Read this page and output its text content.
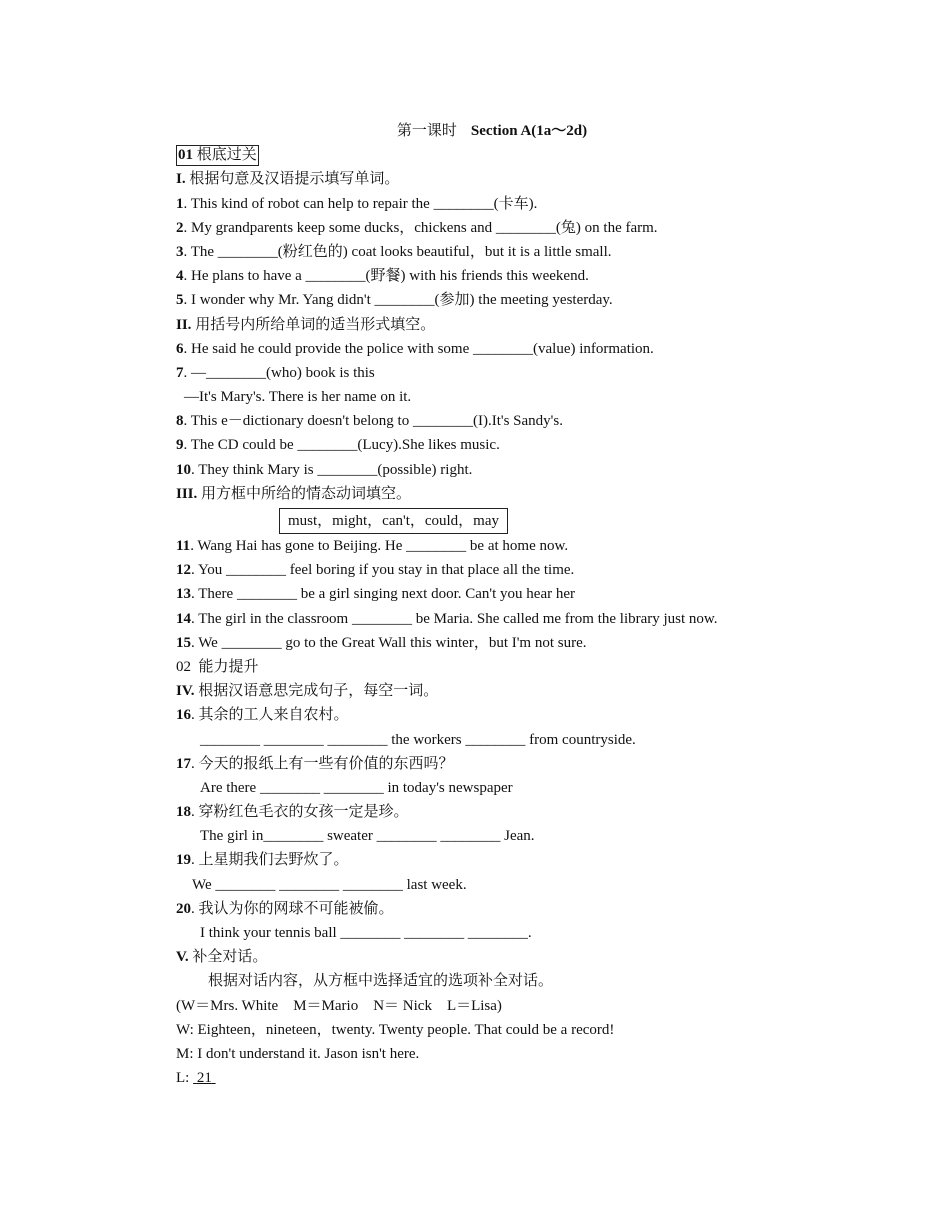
第一课时 Section A(1a～2d)
01 根底过关
I. 根据句意及汉语提示填写单词。
1. This kind of robot can help to repair the ________(卡车).
2. My grandparents keep some ducks，chickens and ________(兔) on the farm.
3. The ________(粉红色的) coat looks beautiful，but it is a little small.
4. He plans to have a ________(野餐) with his friends this weekend.
5. I wonder why Mr. Yang didn't ________(参加) the meeting yesterday.
II. 用括号内所给单词的适当形式填空。
6. He said he could provide the police with some ________(value) information.
7. —________(who) book is this
—It's Mary's. There is her name on it.
8. This e－dictionary doesn't belong to ________(I).It's Sandy's.
9. The CD could be ________(Lucy).She likes music.
10. They think Mary is ________(possible) right.
III. 用方框中所给的情态动词填空。
must，might，can't，could，may
11. Wang Hai has gone to Beijing. He ________ be at home now.
12. You ________ feel boring if you stay in that place all the time.
13. There ________ be a girl singing next door. Can't you hear her
14. The girl in the classroom ________ be Maria. She called me from the library just now.
15. We ________ go to the Great Wall this winter，but I'm not sure.
02 能力提升
IV. 根据汉语意思完成句子，每空一词。
16. 其余的工人来自农村。
________ ________ ________ the workers ________ from countryside.
17. 今天的报纸上有一些有价值的东西吗？
Are there ________ ________ in today's newspaper
18. 穿粉红色毛衣的女孩一定是珍。
The girl in________ sweater ________ ________ Jean.
19. 上星期我们去野炊了。
We ________ ________ ________ last week.
20. 我认为你的网球不可能被偷。
I think your tennis ball ________ ________ ________.
V. 补全对话。
根据对话内容，从方框中选择适宜的选项补全对话。
(W＝Mrs. White　M＝Mario　N＝ Nick　L＝Lisa)
W: Eighteen，nineteen，twenty. Twenty people. That could be a record!
M: I don't understand it. Jason isn't here.
L:  21
